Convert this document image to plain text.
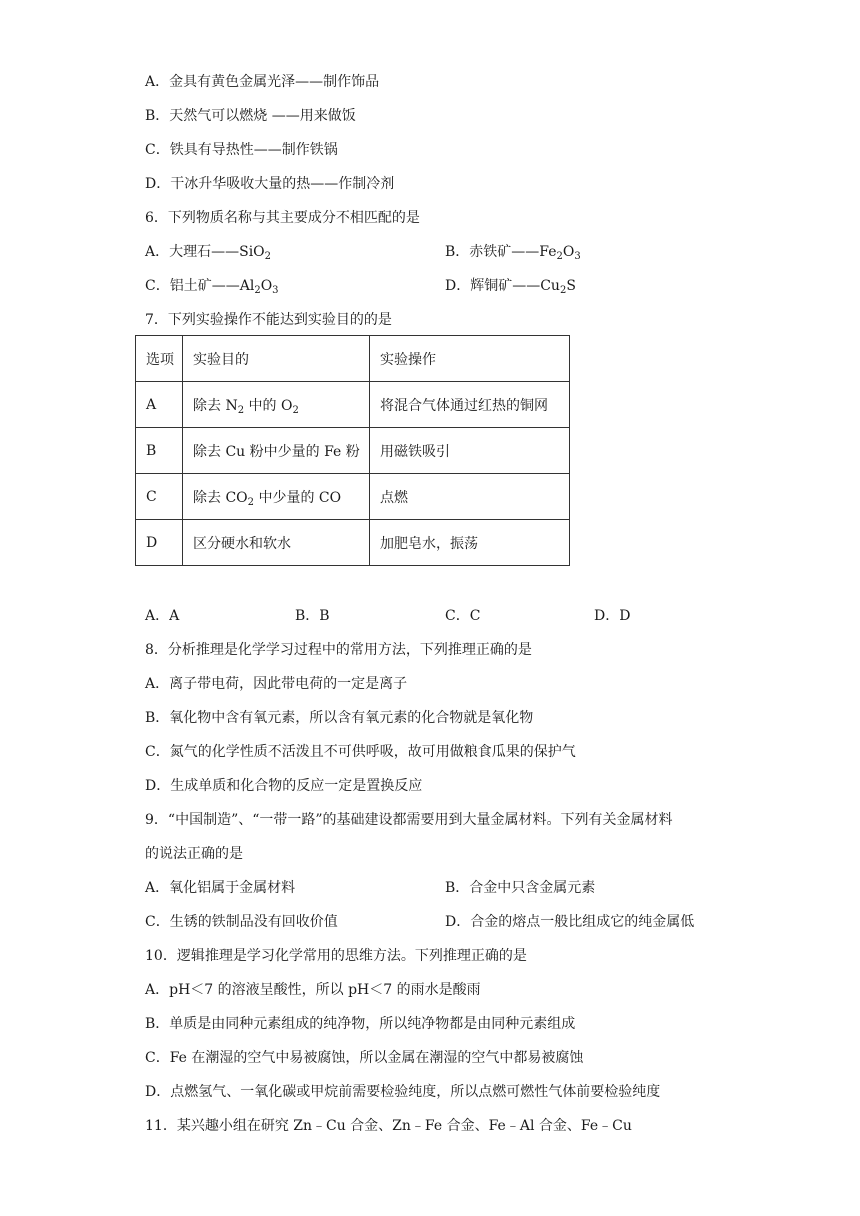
A．金具有黄色金属光泽——制作饰品
B．天然气可以燃烧 ——用来做饭
C．铁具有导热性——制作铁锅
D．干冰升华吸收大量的热——作制冷剂
6．下列物质名称与其主要成分不相匹配的是
A．大理石——SiO$_2$	B．赤铁矿$——Fe_2O_3$
C．铝土矿$——Al_2O_3$	D．辉铜矿$——Cu_2S$
7．下列实验操作不能达到实验目的的是
选项	实验目的	实验操作
A	除去 $N_2$ 中的 $O_2$	将混合气体通过红热的铜网
B	除去 Cu 粉中少量的 Fe 粉	用磁铁吸引
C	除去 $CO_2$ 中少量的 CO	点燃
D	区分硬水和软水	加肥皂水，振荡
A．A	B．B	C．C	D．D
8．分析推理是化学学习过程中的常用方法，下列推理正确的是
A．离子带电荷，因此带电荷的一定是离子
B．氧化物中含有氧元素，所以含有氧元素的化合物就是氧化物
C．氮气的化学性质不活泼且不可供呼吸，故可用做粮食瓜果的保护气
D．生成单质和化合物的反应一定是置换反应
9．“中国制造”、“一带一路”的基础建设都需要用到大量金属材料。下列有关金属材料
的说法正确的是
A．氧化铝属于金属材料	B．合金中只含金属元素
C．生锈的铁制品没有回收价值	D．合金的熔点一般比组成它的纯金属低
10．逻辑推理是学习化学常用的思维方法。下列推理正确的是
A．pH＜7 的溶液呈酸性，所以 pH＜7 的雨水是酸雨
B．单质是由同种元素组成的纯净物，所以纯净物都是由同种元素组成
C．Fe 在潮湿的空气中易被腐蚀，所以金属在潮湿的空气中都易被腐蚀
D．点燃氢气、一氧化碳或甲烷前需要检验纯度，所以点燃可燃性气体前要检验纯度
11．某兴趣小组在研究 Zn﹣Cu 合金、Zn﹣Fe 合金、Fe﹣Al 合金、Fe﹣Cu
